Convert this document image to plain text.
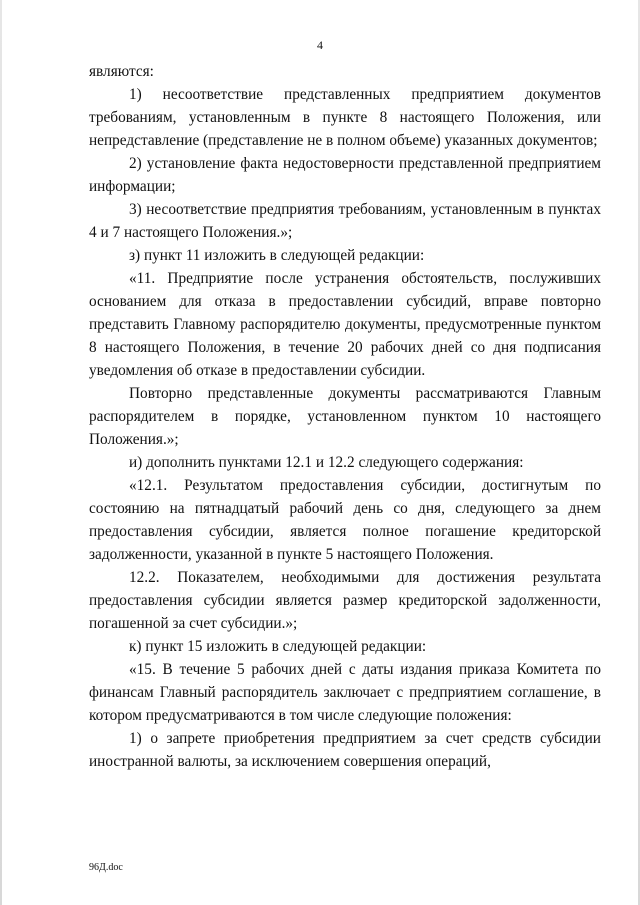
4

являются:

1) несоответствие представленных предприятием документов требованиям, установленным в пункте 8 настоящего Положения, или непредставление (представление не в полном объеме) указанных документов;

2) установление факта недостоверности представленной предприятием информации;

3) несоответствие предприятия требованиям, установленным в пунктах 4 и 7 настоящего Положения.»;

з) пункт 11 изложить в следующей редакции:

«11. Предприятие после устранения обстоятельств, послуживших основанием для отказа в предоставлении субсидий, вправе повторно представить Главному распорядителю документы, предусмотренные пунктом 8 настоящего Положения, в течение 20 рабочих дней со дня подписания уведомления об отказе в предоставлении субсидии.

Повторно представленные документы рассматриваются Главным распорядителем в порядке, установленном пунктом 10 настоящего Положения.»;

и) дополнить пунктами 12.1 и 12.2 следующего содержания:

«12.1. Результатом предоставления субсидии, достигнутым по состоянию на пятнадцатый рабочий день со дня, следующего за днем предоставления субсидии, является полное погашение кредиторской задолженности, указанной в пункте 5 настоящего Положения.

12.2. Показателем, необходимыми для достижения результата предоставления субсидии является размер кредиторской задолженности, погашенной за счет субсидии.»;

к) пункт 15 изложить в следующей редакции:

«15. В течение 5 рабочих дней с даты издания приказа Комитета по финансам Главный распорядитель заключает с предприятием соглашение, в котором предусматриваются в том числе следующие положения:

1) о запрете приобретения предприятием за счет средств субсидии иностранной валюты, за исключением совершения операций,

96Д.doc
